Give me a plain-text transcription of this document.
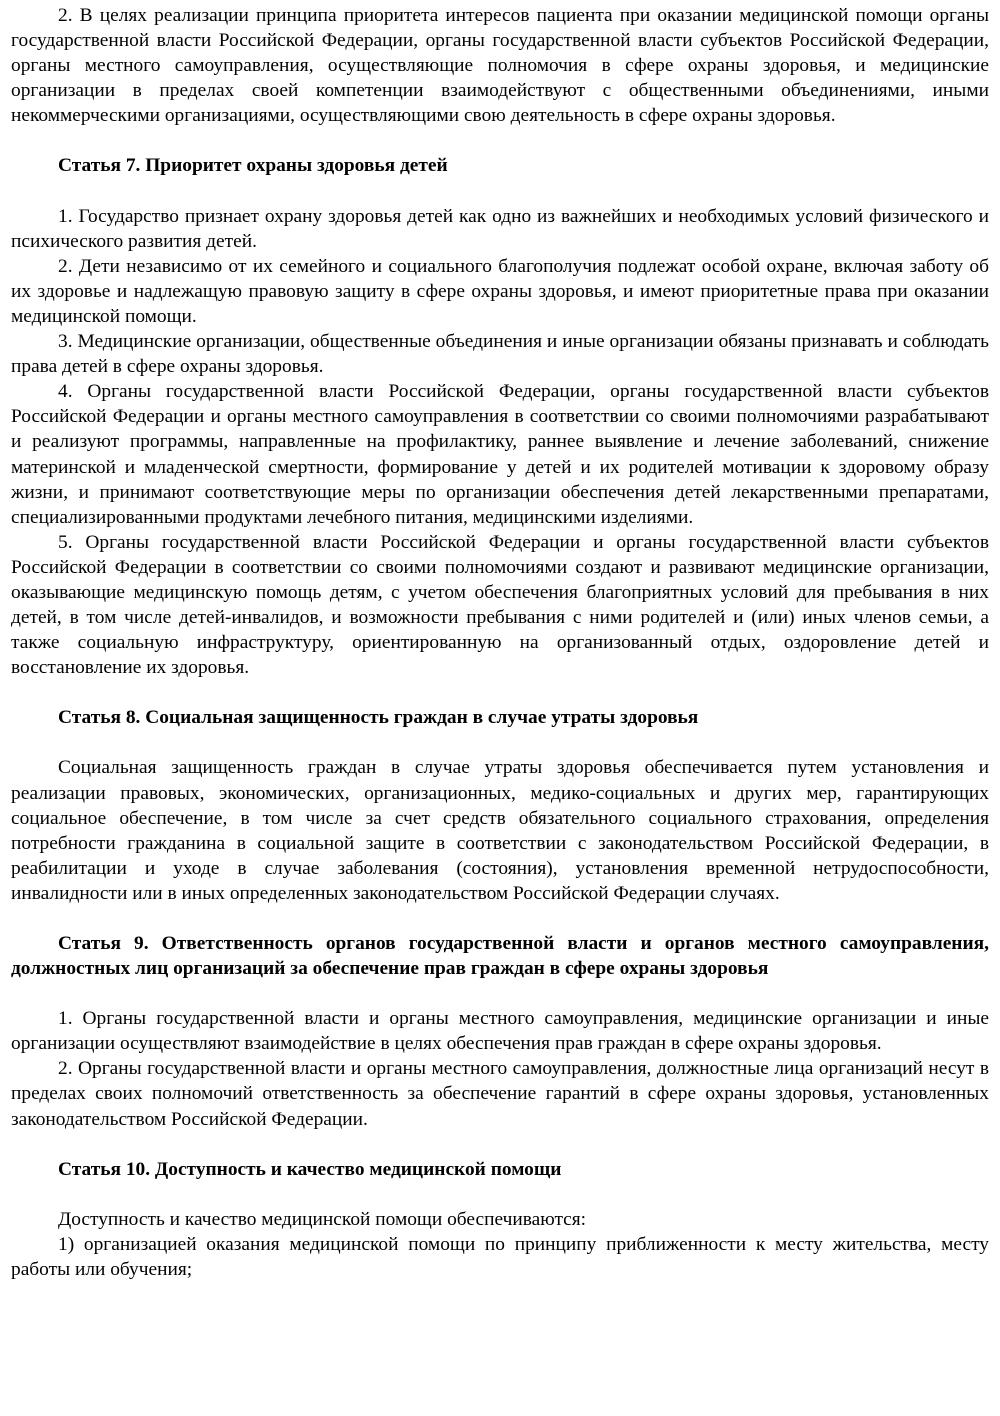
2. В целях реализации принципа приоритета интересов пациента при оказании медицинской помощи органы государственной власти Российской Федерации, органы государственной власти субъектов Российской Федерации, органы местного самоуправления, осуществляющие полномочия в сфере охраны здоровья, и медицинские организации в пределах своей компетенции взаимодействуют с общественными объединениями, иными некоммерческими организациями, осуществляющими свою деятельность в сфере охраны здоровья.

Статья 7. Приоритет охраны здоровья детей

1. Государство признает охрану здоровья детей как одно из важнейших и необходимых условий физического и психического развития детей.

2. Дети независимо от их семейного и социального благополучия подлежат особой охране, включая заботу об их здоровье и надлежащую правовую защиту в сфере охраны здоровья, и имеют приоритетные права при оказании медицинской помощи.

3. Медицинские организации, общественные объединения и иные организации обязаны признавать и соблюдать права детей в сфере охраны здоровья.

4. Органы государственной власти Российской Федерации, органы государственной власти субъектов Российской Федерации и органы местного самоуправления в соответствии со своими полномочиями разрабатывают и реализуют программы, направленные на профилактику, раннее выявление и лечение заболеваний, снижение материнской и младенческой смертности, формирование у детей и их родителей мотивации к здоровому образу жизни, и принимают соответствующие меры по организации обеспечения детей лекарственными препаратами, специализированными продуктами лечебного питания, медицинскими изделиями.

5. Органы государственной власти Российской Федерации и органы государственной власти субъектов Российской Федерации в соответствии со своими полномочиями создают и развивают медицинские организации, оказывающие медицинскую помощь детям, с учетом обеспечения благоприятных условий для пребывания в них детей, в том числе детей-инвалидов, и возможности пребывания с ними родителей и (или) иных членов семьи, а также социальную инфраструктуру, ориентированную на организованный отдых, оздоровление детей и восстановление их здоровья.

Статья 8. Социальная защищенность граждан в случае утраты здоровья

Социальная защищенность граждан в случае утраты здоровья обеспечивается путем установления и реализации правовых, экономических, организационных, медико-социальных и других мер, гарантирующих социальное обеспечение, в том числе за счет средств обязательного социального страхования, определения потребности гражданина в социальной защите в соответствии с законодательством Российской Федерации, в реабилитации и уходе в случае заболевания (состояния), установления временной нетрудоспособности, инвалидности или в иных определенных законодательством Российской Федерации случаях.

Статья 9. Ответственность органов государственной власти и органов местного самоуправления, должностных лиц организаций за обеспечение прав граждан в сфере охраны здоровья

1. Органы государственной власти и органы местного самоуправления, медицинские организации и иные организации осуществляют взаимодействие в целях обеспечения прав граждан в сфере охраны здоровья.

2. Органы государственной власти и органы местного самоуправления, должностные лица организаций несут в пределах своих полномочий ответственность за обеспечение гарантий в сфере охраны здоровья, установленных законодательством Российской Федерации.

Статья 10. Доступность и качество медицинской помощи

Доступность и качество медицинской помощи обеспечиваются:

1) организацией оказания медицинской помощи по принципу приближенности к месту жительства, месту работы или обучения;
